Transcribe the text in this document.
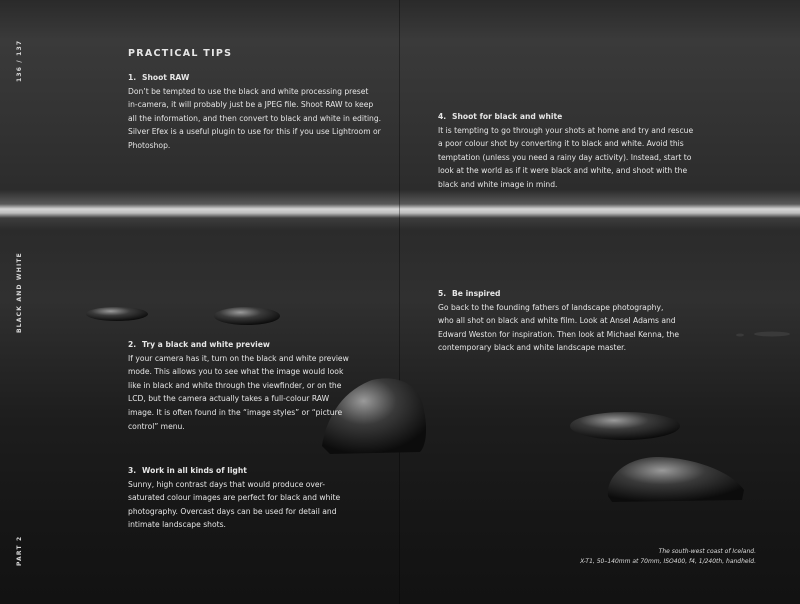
136 / 137
BLACK AND WHITE
PART 2
PRACTICAL TIPS
1. Shoot RAW
Don’t be tempted to use the black and white processing preset
in-camera, it will probably just be a JPEG file. Shoot RAW to keep
all the information, and then convert to black and white in editing.
Silver Efex is a useful plugin to use for this if you use Lightroom or
Photoshop.
2. Try a black and white preview
If your camera has it, turn on the black and white preview
mode. This allows you to see what the image would look
like in black and white through the viewfinder, or on the
LCD, but the camera actually takes a full-colour RAW
image. It is often found in the “image styles” or “picture
control” menu.
3. Work in all kinds of light
Sunny, high contrast days that would produce over-
saturated colour images are perfect for black and white
photography. Overcast days can be used for detail and
intimate landscape shots.
4. Shoot for black and white
It is tempting to go through your shots at home and try and rescue
a poor colour shot by converting it to black and white. Avoid this
temptation (unless you need a rainy day activity). Instead, start to
look at the world as if it were black and white, and shoot with the
black and white image in mind.
5. Be inspired
Go back to the founding fathers of landscape photography,
who all shot on black and white film. Look at Ansel Adams and
Edward Weston for inspiration. Then look at Michael Kenna, the
contemporary black and white landscape master.
The south-west coast of Iceland.
X-T1, 50–140mm at 70mm, ISO400, f4, 1/240th, handheld.
